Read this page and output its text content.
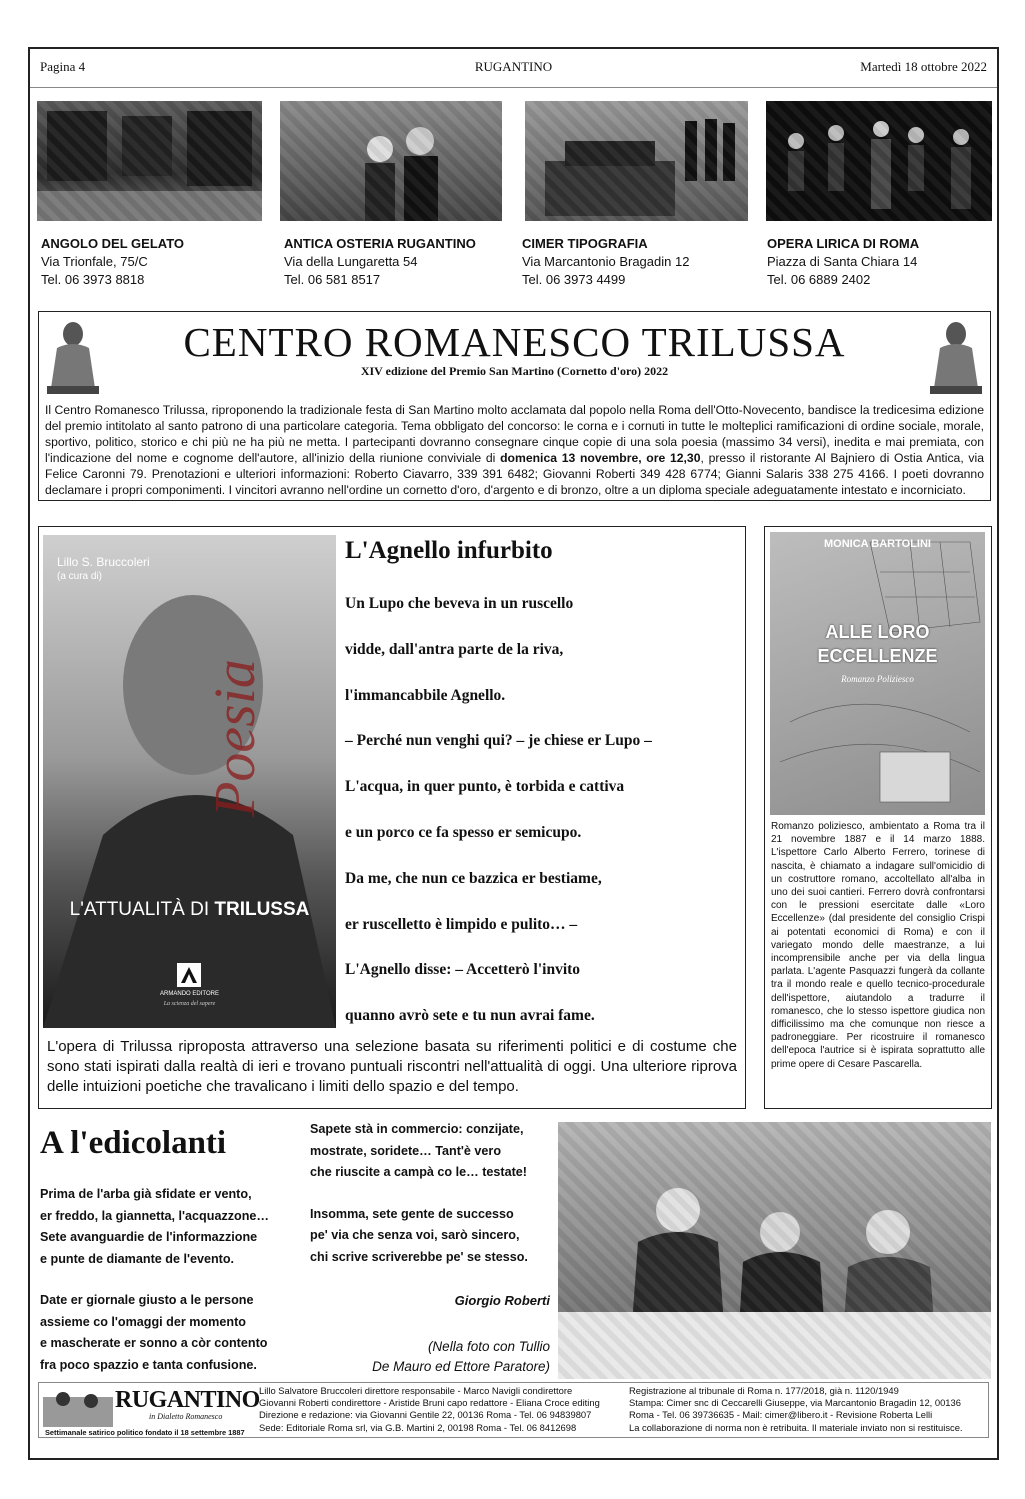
Pagina 4	RUGANTINO	Martedì 18 ottobre 2022
ANGOLO DEL GELATO
Via Trionfale, 75/C
Tel. 06 3973 8818
ANTICA OSTERIA RUGANTINO
Via della Lungaretta 54
Tel. 06 581 8517
CIMER TIPOGRAFIA
Via Marcantonio Bragadin 12
Tel. 06 3973 4499
OPERA LIRICA DI ROMA
Piazza di Santa Chiara 14
Tel. 06 6889 2402
CENTRO ROMANESCO TRILUSSA
XIV edizione del Premio San Martino (Cornetto d'oro) 2022
Il Centro Romanesco Trilussa, riproponendo la tradizionale festa di San Martino molto acclamata dal popolo nella Roma dell'Otto-Novecento, bandisce la tredicesima edizione del premio intitolato al santo patrono di una particolare categoria. Tema obbligato del concorso: le corna e i cornuti in tutte le molteplici ramificazioni di ordine sociale, morale, sportivo, politico, storico e chi più ne ha più ne metta. I partecipanti dovranno consegnare cinque copie di una sola poesia (massimo 34 versi), inedita e mai premiata, con l'indicazione del nome e cognome dell'autore, all'inizio della riunione conviviale di domenica 13 novembre, ore 12,30, presso il ristorante Al Bajniero di Ostia Antica, via Felice Caronni 79. Prenotazioni e ulteriori informazioni: Roberto Ciavarro, 339 391 6482; Giovanni Roberti 349 428 6774; Gianni Salaris 338 275 4166. I poeti dovranno declamare i propri componimenti. I vincitori avranno nell'ordine un cornetto d'oro, d'argento e di bronzo, oltre a un diploma speciale adeguatamente intestato e incorniciato.
Lillo S. Bruccoleri
(a cura di)
Poesia
L'ATTUALITÀ DI TRILUSSA
ARMANDO EDITORE
La scienza del sapere
L'Agnello infurbito
Un Lupo che beveva in un ruscello
vidde, dall'antra parte de la riva,
l'immancabbile Agnello.
– Perché nun venghi qui? – je chiese er Lupo –
L'acqua, in quer punto, è torbida e cattiva
e un porco ce fa spesso er semicupo.
Da me, che nun ce bazzica er bestiame,
er ruscelletto è limpido e pulito… –
L'Agnello disse: – Accetterò l'invito
quanno avrò sete e tu nun avrai fame.
L'opera di Trilussa riproposta attraverso una selezione basata su riferimenti politici e di costume che sono stati ispirati dalla realtà di ieri e trovano puntuali riscontri nell'attualità di oggi. Una ulteriore riprova delle intuizioni poetiche che travalicano i limiti dello spazio e del tempo.
MONICA BARTOLINI
ALLE LORO
ECCELLENZE
Romanzo Poliziesco
Romanzo poliziesco, ambientato a Roma tra il 21 novembre 1887 e il 14 marzo 1888. L'ispettore Carlo Alberto Ferrero, torinese di nascita, è chiamato a indagare sull'omicidio di un costruttore romano, accoltellato all'alba in uno dei suoi cantieri. Ferrero dovrà confrontarsi con le pressioni esercitate dalle «Loro Eccellenze» (dal presidente del consiglio Crispi ai potentati economici di Roma) e con il variegato mondo delle maestranze, a lui incomprensibile anche per via della lingua parlata. L'agente Pasquazzi fungerà da collante tra il mondo reale e quello tecnico-procedurale dell'ispettore, aiutandolo a tradurre il romanesco, che lo stesso ispettore giudica non difficilissimo ma che comunque non riesce a padroneggiare. Per ricostruire il romanesco dell'epoca l'autrice si è ispirata soprattutto alle prime opere di Cesare Pascarella.
A l'edicolanti
Prima de l'arba già sfidate er vento,
er freddo, la giannetta, l'acquazzone…
Sete avanguardie de l'informazzione
e punte de diamante de l'evento.
Date er giornale giusto a le persone
assieme co l'omaggi der momento
e mascherate er sonno a còr contento
fra poco spazzio e tanta confusione.
Sapete stà in commercio: conzijate,
mostrate, soridete… Tant'è vero
che riuscite a campà co le… testate!
Insomma, sete gente de successo
pe' via che senza voi, sarò sincero,
chi scrive scriverebbe pe' se stesso.
Giorgio Roberti
(Nella foto con Tullio
De Mauro ed Ettore Paratore)
RUGANTINO
in Dialetto Romanesco
Settimanale satirico politico fondato il 18 settembre 1887
Lillo Salvatore Bruccoleri direttore responsabile - Marco Navigli condirettore
Giovanni Roberti condirettore - Aristide Bruni capo redattore - Eliana Croce editing
Direzione e redazione: via Giovanni Gentile 22, 00136 Roma - Tel. 06 94839807
Sede: Editoriale Roma srl, via G.B. Martini 2, 00198 Roma - Tel. 06 8412698
Registrazione al tribunale di Roma n. 177/2018, già n. 1120/1949
Stampa: Cimer snc di Ceccarelli Giuseppe, via Marcantonio Bragadin 12, 00136
Roma - Tel. 06 39736635 - Mail: cimer@libero.it - Revisione Roberta Lelli
La collaborazione di norma non è retribuita. Il materiale inviato non si restituisce.
